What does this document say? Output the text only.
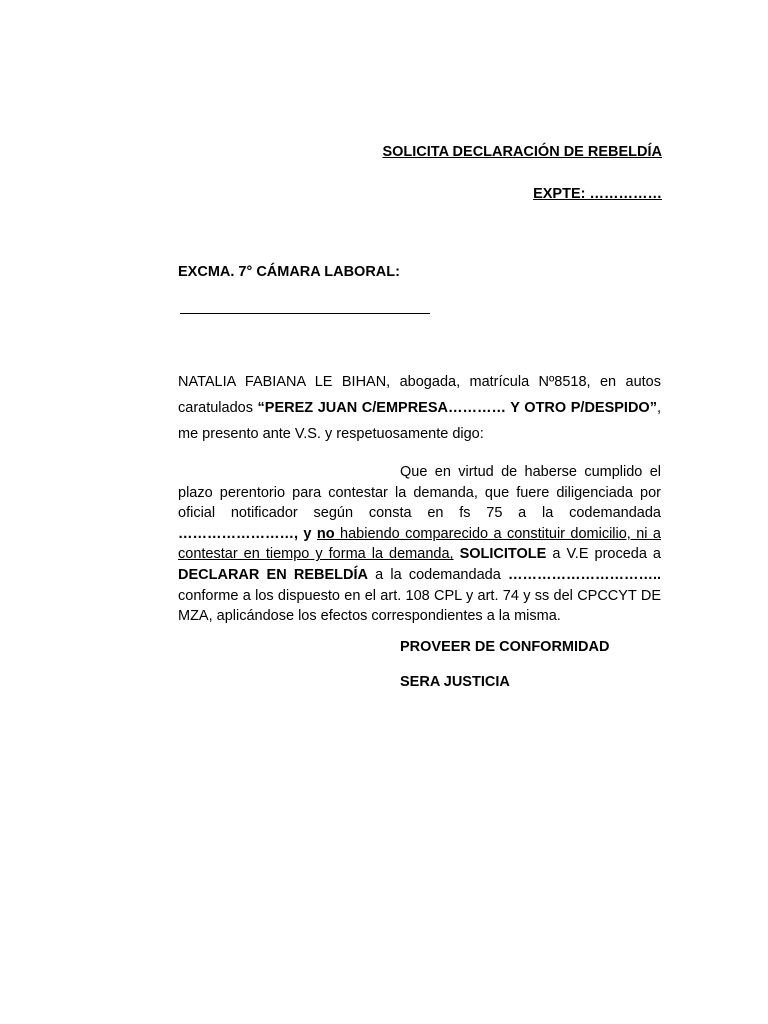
SOLICITA DECLARACIÓN DE REBELDÍA
EXPTE: ……………
EXCMA. 7° CÁMARA LABORAL:
NATALIA FABIANA LE BIHAN, abogada, matrícula Nº8518, en autos caratulados “PEREZ JUAN C/EMPRESA………… Y OTRO P/DESPIDO”, me presento ante V.S. y respetuosamente digo:
Que en virtud de haberse cumplido el plazo perentorio para contestar la demanda, que fuere diligenciada por oficial notificador según consta en fs 75 a la codemandada ……………………, y no habiendo comparecido a constituir domicilio, ni a contestar en tiempo y forma la demanda, SOLICITOLE a V.E proceda a DECLARAR EN REBELDÍA a la codemandada ………………………….. conforme a los dispuesto en el art. 108 CPL y art. 74 y ss del CPCCYT DE MZA, aplicándose los efectos correspondientes a la misma.
PROVEER DE CONFORMIDAD
SERA JUSTICIA
